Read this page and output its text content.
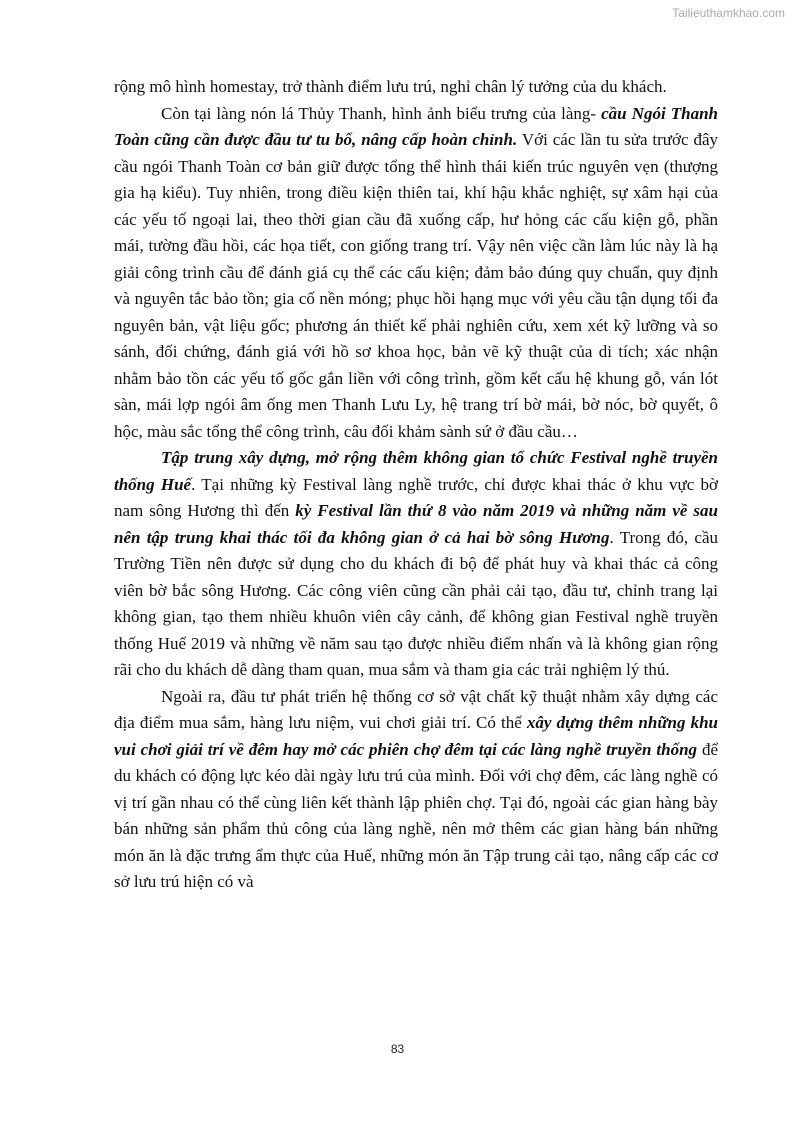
Tailieuthamkhao.com

rộng mô hình homestay, trở thành điểm lưu trú, nghỉ chân lý tưởng của du khách.

Còn tại làng nón lá Thủy Thanh, hình ảnh biểu trưng của làng- cầu Ngói Thanh Toàn cũng cần được đầu tư tu bổ, nâng cấp hoàn chỉnh. Với các lần tu sửa trước đây cầu ngói Thanh Toàn cơ bản giữ được tổng thể hình thái kiến trúc nguyên vẹn (thượng gia hạ kiểu). Tuy nhiên, trong điều kiện thiên tai, khí hậu khắc nghiệt, sự xâm hại của các yếu tố ngoại lai, theo thời gian cầu đã xuống cấp, hư hỏng các cấu kiện gỗ, phần mái, tường đầu hồi, các họa tiết, con giống trang trí. Vậy nên việc cần làm lúc này là hạ giải công trình cầu để đánh giá cụ thể các cấu kiện; đảm bảo đúng quy chuẩn, quy định và nguyên tắc bảo tồn; gia cố nền móng; phục hồi hạng mục với yêu cầu tận dụng tối đa nguyên bản, vật liệu gốc; phương án thiết kế phải nghiên cứu, xem xét kỹ lưỡng và so sánh, đối chứng, đánh giá với hồ sơ khoa học, bản vẽ kỹ thuật của di tích; xác nhận nhằm bảo tồn các yếu tố gốc gắn liền với công trình, gồm kết cấu hệ khung gỗ, ván lót sàn, mái lợp ngói âm ống men Thanh Lưu Ly, hệ trang trí bờ mái, bờ nóc, bờ quyết, ô hộc, màu sắc tổng thể công trình, câu đối khảm sành sứ ở đầu cầu…

Tập trung xây dựng, mở rộng thêm không gian tổ chức Festival nghề truyền thống Huế. Tại những kỳ Festival làng nghề trước, chỉ được khai thác ở khu vực bờ nam sông Hương thì đến kỳ Festival lần thứ 8 vào năm 2019 và những năm về sau nên tập trung khai thác tối đa không gian ở cả hai bờ sông Hương. Trong đó, cầu Trường Tiền nên được sử dụng cho du khách đi bộ để phát huy và khai thác cả công viên bờ bắc sông Hương. Các công viên cũng cần phải cải tạo, đầu tư, chỉnh trang lại không gian, tạo them nhiều khuôn viên cây cảnh, để không gian Festival nghề truyền thống Huế 2019 và những về năm sau tạo được nhiều điểm nhấn và là không gian rộng rãi cho du khách dễ dàng tham quan, mua sắm và tham gia các trải nghiệm lý thú.

Ngoài ra, đầu tư phát triển hệ thống cơ sở vật chất kỹ thuật nhằm xây dựng các địa điểm mua sắm, hàng lưu niệm, vui chơi giải trí. Có thể xây dựng thêm những khu vui chơi giải trí về đêm hay mở các phiên chợ đêm tại các làng nghề truyền thống để du khách có động lực kéo dài ngày lưu trú của mình. Đối với chợ đêm, các làng nghề có vị trí gần nhau có thể cùng liên kết thành lập phiên chợ. Tại đó, ngoài các gian hàng bày bán những sản phẩm thủ công của làng nghề, nên mở thêm các gian hàng bán những món ăn là đặc trưng ẩm thực của Huế, những món ăn Tập trung cải tạo, nâng cấp các cơ sở lưu trú hiện có và

83
